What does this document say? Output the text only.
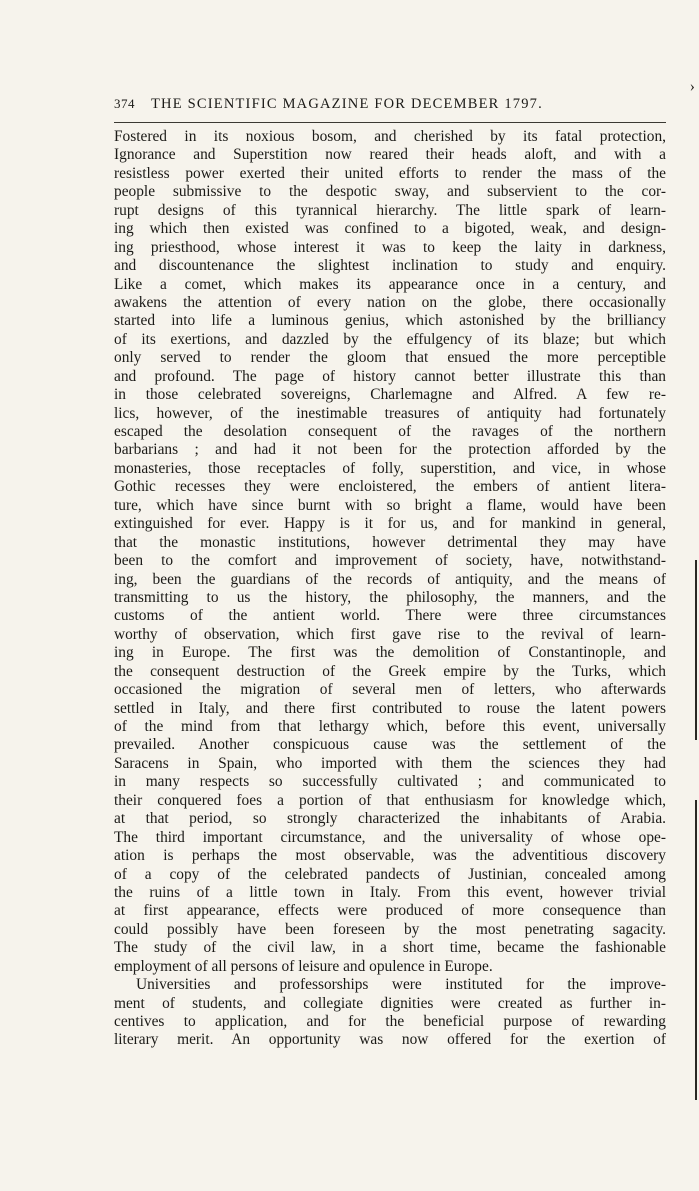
›
374 THE SCIENTIFIC MAGAZINE FOR DECEMBER 1797.

Fostered in its noxious bosom, and cherished by its fatal protection,

Ignorance and Superstition now reared their heads aloft, and with a

resistless power exerted their united efforts to render the mass of the

people submissive to the despotic sway, and subservient to the cor-

rupt designs of this tyrannical hierarchy. The little spark of learn-

ing which then existed was confined to a bigoted, weak, and design-

ing priesthood, whose interest it was to keep the laity in darkness,

and discountenance the slightest inclination to study and enquiry.

Like a comet, which makes its appearance once in a century, and

awakens the attention of every nation on the globe, there occasionally

started into life a luminous genius, which astonished by the brilliancy

of its exertions, and dazzled by the effulgency of its blaze; but which

only served to render the gloom that ensued the more perceptible

and profound. The page of history cannot better illustrate this than

in those celebrated sovereigns, Charlemagne and Alfred. A few re-

lics, however, of the inestimable treasures of antiquity had fortunately

escaped the desolation consequent of the ravages of the northern

barbarians ; and had it not been for the protection afforded by the

monasteries, those receptacles of folly, superstition, and vice, in whose

Gothic recesses they were encloistered, the embers of antient litera-

ture, which have since burnt with so bright a flame, would have been

extinguished for ever. Happy is it for us, and for mankind in general,

that the monastic institutions, however detrimental they may have

been to the comfort and improvement of society, have, notwithstand-

ing, been the guardians of the records of antiquity, and the means of

transmitting to us the history, the philosophy, the manners, and the

customs of the antient world. There were three circumstances

worthy of observation, which first gave rise to the revival of learn-

ing in Europe. The first was the demolition of Constantinople, and

the consequent destruction of the Greek empire by the Turks, which

occasioned the migration of several men of letters, who afterwards

settled in Italy, and there first contributed to rouse the latent powers

of the mind from that lethargy which, before this event, universally

prevailed. Another conspicuous cause was the settlement of the

Saracens in Spain, who imported with them the sciences they had

in many respects so successfully cultivated ; and communicated to

their conquered foes a portion of that enthusiasm for knowledge which,

at that period, so strongly characterized the inhabitants of Arabia.

The third important circumstance, and the universality of whose ope-

ation is perhaps the most observable, was the adventitious discovery

of a copy of the celebrated pandects of Justinian, concealed among

the ruins of a little town in Italy. From this event, however trivial

at first appearance, effects were produced of more consequence than

could possibly have been foreseen by the most penetrating sagacity.

The study of the civil law, in a short time, became the fashionable

employment of all persons of leisure and opulence in Europe.

Universities and professorships were instituted for the improve-

ment of students, and collegiate dignities were created as further in-

centives to application, and for the beneficial purpose of rewarding

literary merit. An opportunity was now offered for the exertion of
